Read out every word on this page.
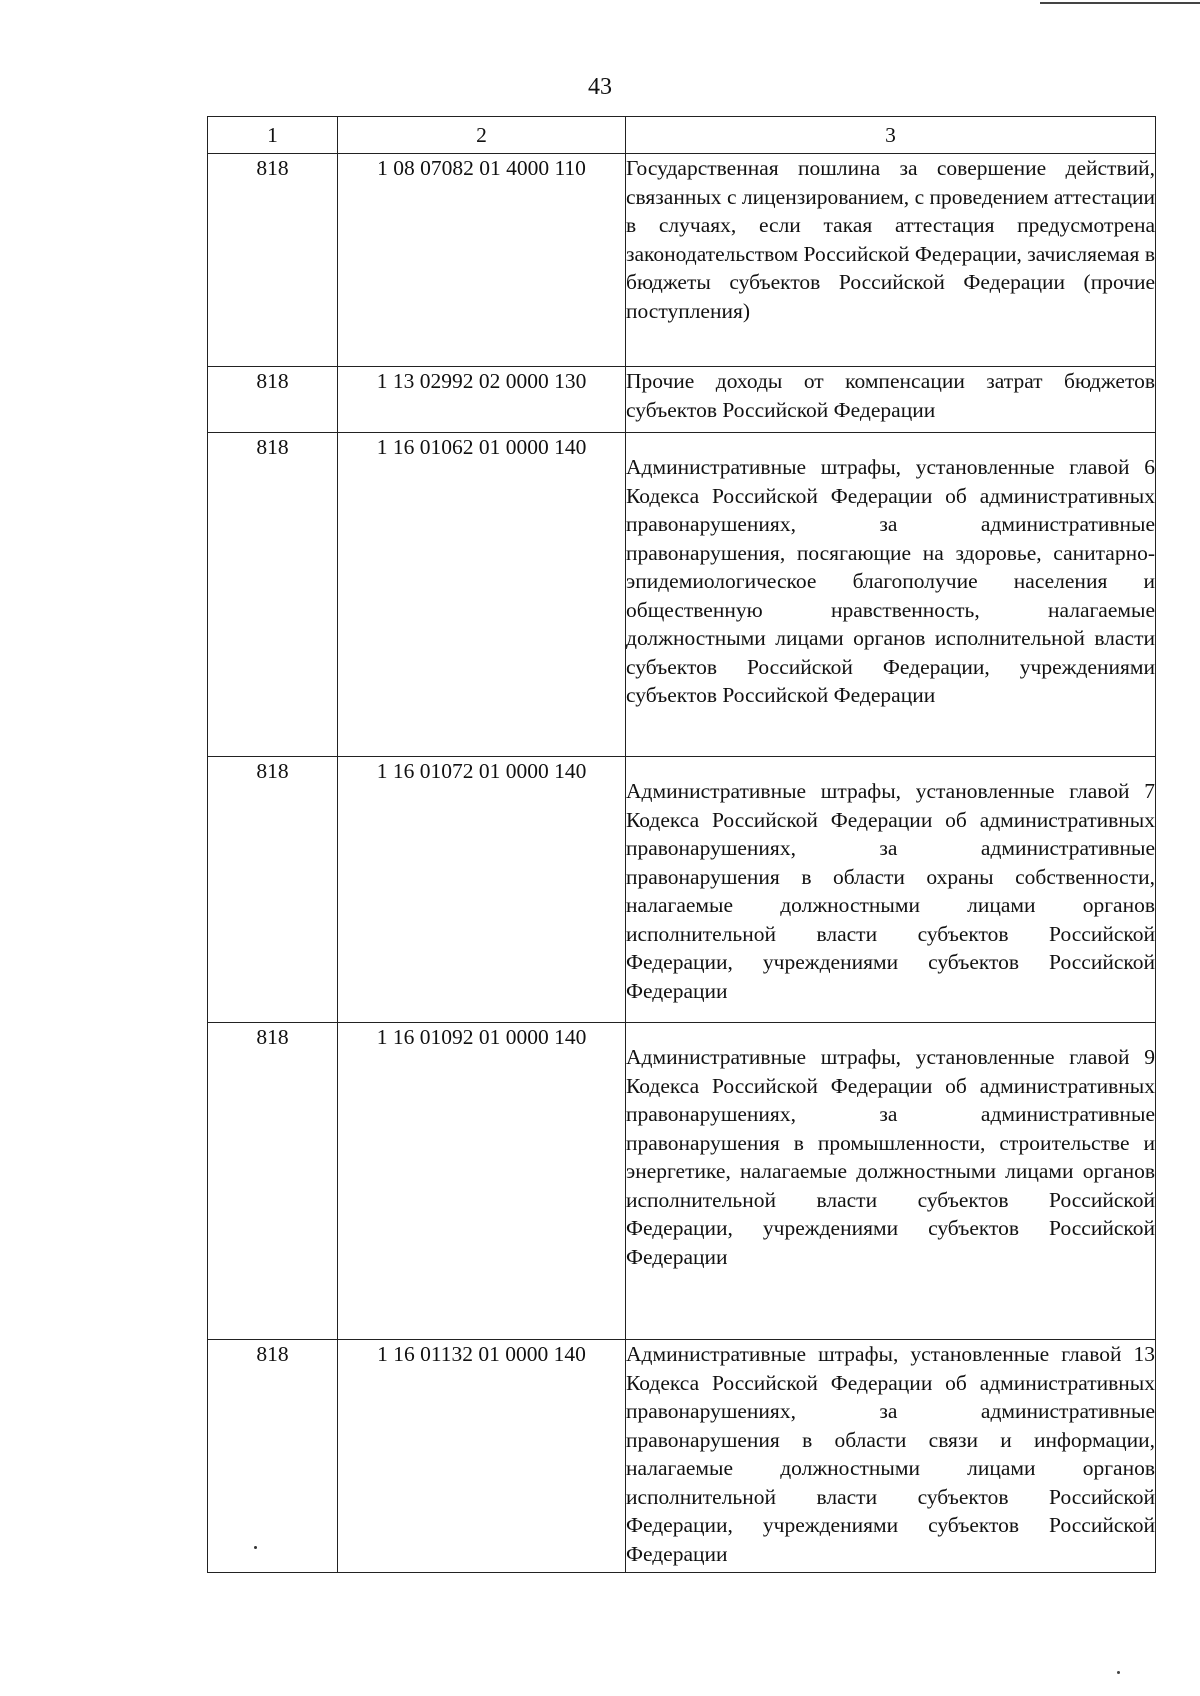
43
1	2	3
818	1 08 07082 01 4000 110	Государственная пошлина за совершение действий, связанных с лицензированием, с проведением аттестации в случаях, если такая аттестация предусмотрена законодательством Российской Федерации, зачисляемая в бюджеты субъектов Российской Федерации (прочие поступления)
818	1 13 02992 02 0000 130	Прочие доходы от компенсации затрат бюджетов субъектов Российской Федерации
818	1 16 01062 01 0000 140	Административные штрафы, установленные главой 6 Кодекса Российской Федерации об административных правонарушениях, за административные правонарушения, посягающие на здоровье, санитарно-эпидемиологическое благополучие населения и общественную нравственность, налагаемые должностными лицами органов исполнительной власти субъектов Российской Федерации, учреждениями субъектов Российской Федерации
818	1 16 01072 01 0000 140	Административные штрафы, установленные главой 7 Кодекса Российской Федерации об административных правонарушениях, за административные правонарушения в области охраны собственности, налагаемые должностными лицами органов исполнительной власти субъектов Российской Федерации, учреждениями субъектов Российской Федерации
818	1 16 01092 01 0000 140	Административные штрафы, установленные главой 9 Кодекса Российской Федерации об административных правонарушениях, за административные правонарушения в промышленности, строительстве и энергетике, налагаемые должностными лицами органов исполнительной власти субъектов Российской Федерации, учреждениями субъектов Российской Федерации
818	1 16 01132 01 0000 140	Административные штрафы, установленные главой 13 Кодекса Российской Федерации об административных правонарушениях, за административные правонарушения в области связи и информации, налагаемые должностными лицами органов исполнительной власти субъектов Российской Федерации, учреждениями субъектов Российской Федерации
